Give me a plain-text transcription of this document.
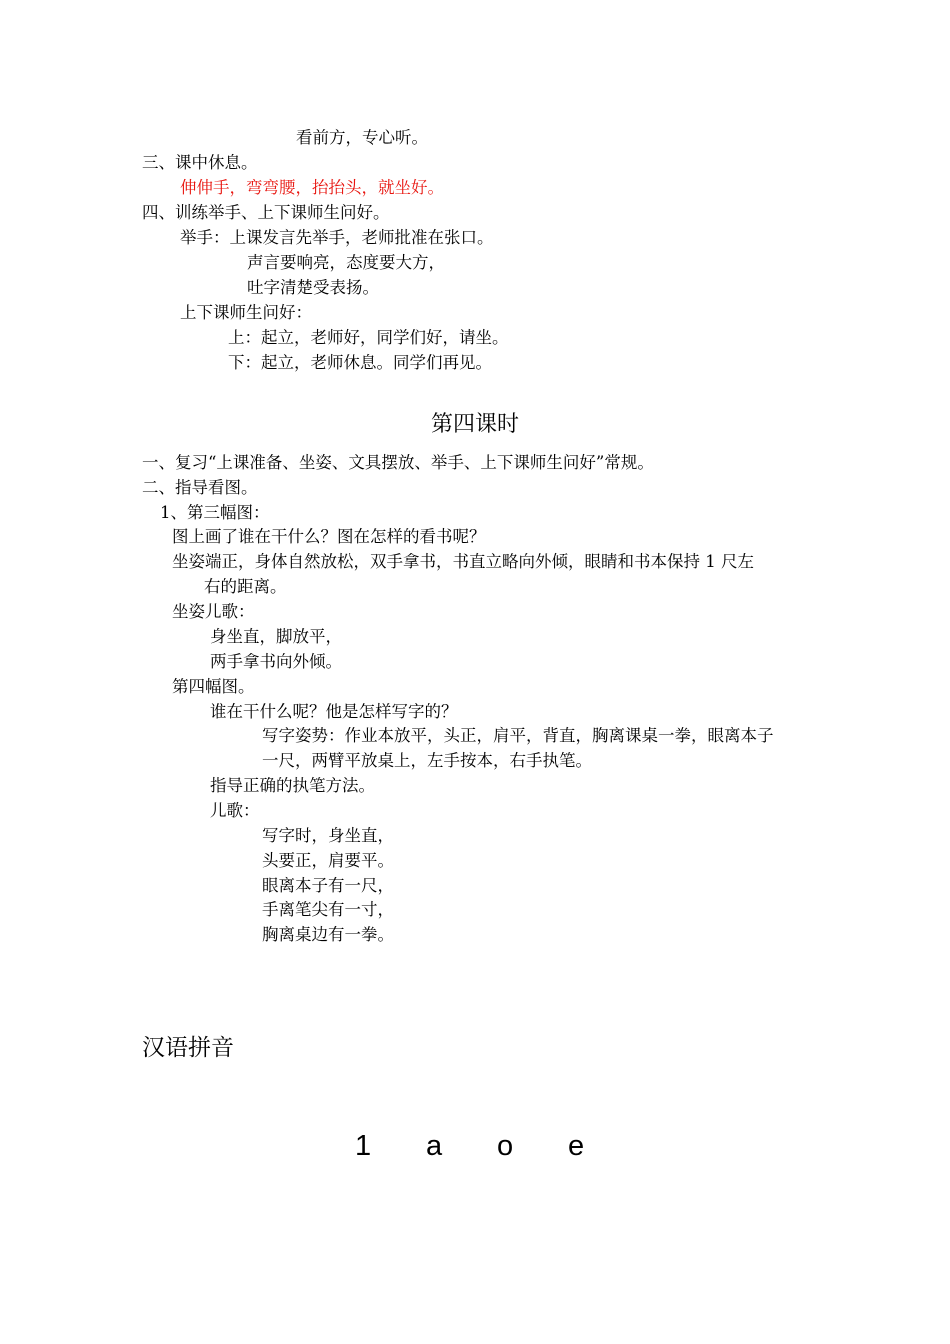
看前方，专心听。
三、课中休息。
伸伸手，弯弯腰，抬抬头，就坐好。
四、训练举手、上下课师生问好。
举手：上课发言先举手，老师批准在张口。
声言要响亮，态度要大方，
吐字清楚受表扬。
上下课师生问好：
上：起立，老师好，同学们好，请坐。
下：起立，老师休息。同学们再见。
第四课时
一、复习“上课准备、坐姿、文具摆放、举手、上下课师生问好”常规。
二、指导看图。
1、第三幅图：
图上画了谁在干什么？图在怎样的看书呢？
坐姿端正，身体自然放松，双手拿书，书直立略向外倾，眼睛和书本保持 1 尺左
右的距离。
坐姿儿歌：
身坐直，脚放平，
两手拿书向外倾。
第四幅图。
谁在干什么呢？他是怎样写字的？
写字姿势：作业本放平，头正，肩平，背直，胸离课桌一拳，眼离本子
一尺，两臂平放桌上，左手按本，右手执笔。
指导正确的执笔方法。
儿歌：
写字时，身坐直，
头要正，肩要平。
眼离本子有一尺，
手离笔尖有一寸，
胸离桌边有一拳。
汉语拼音
1 a o e
